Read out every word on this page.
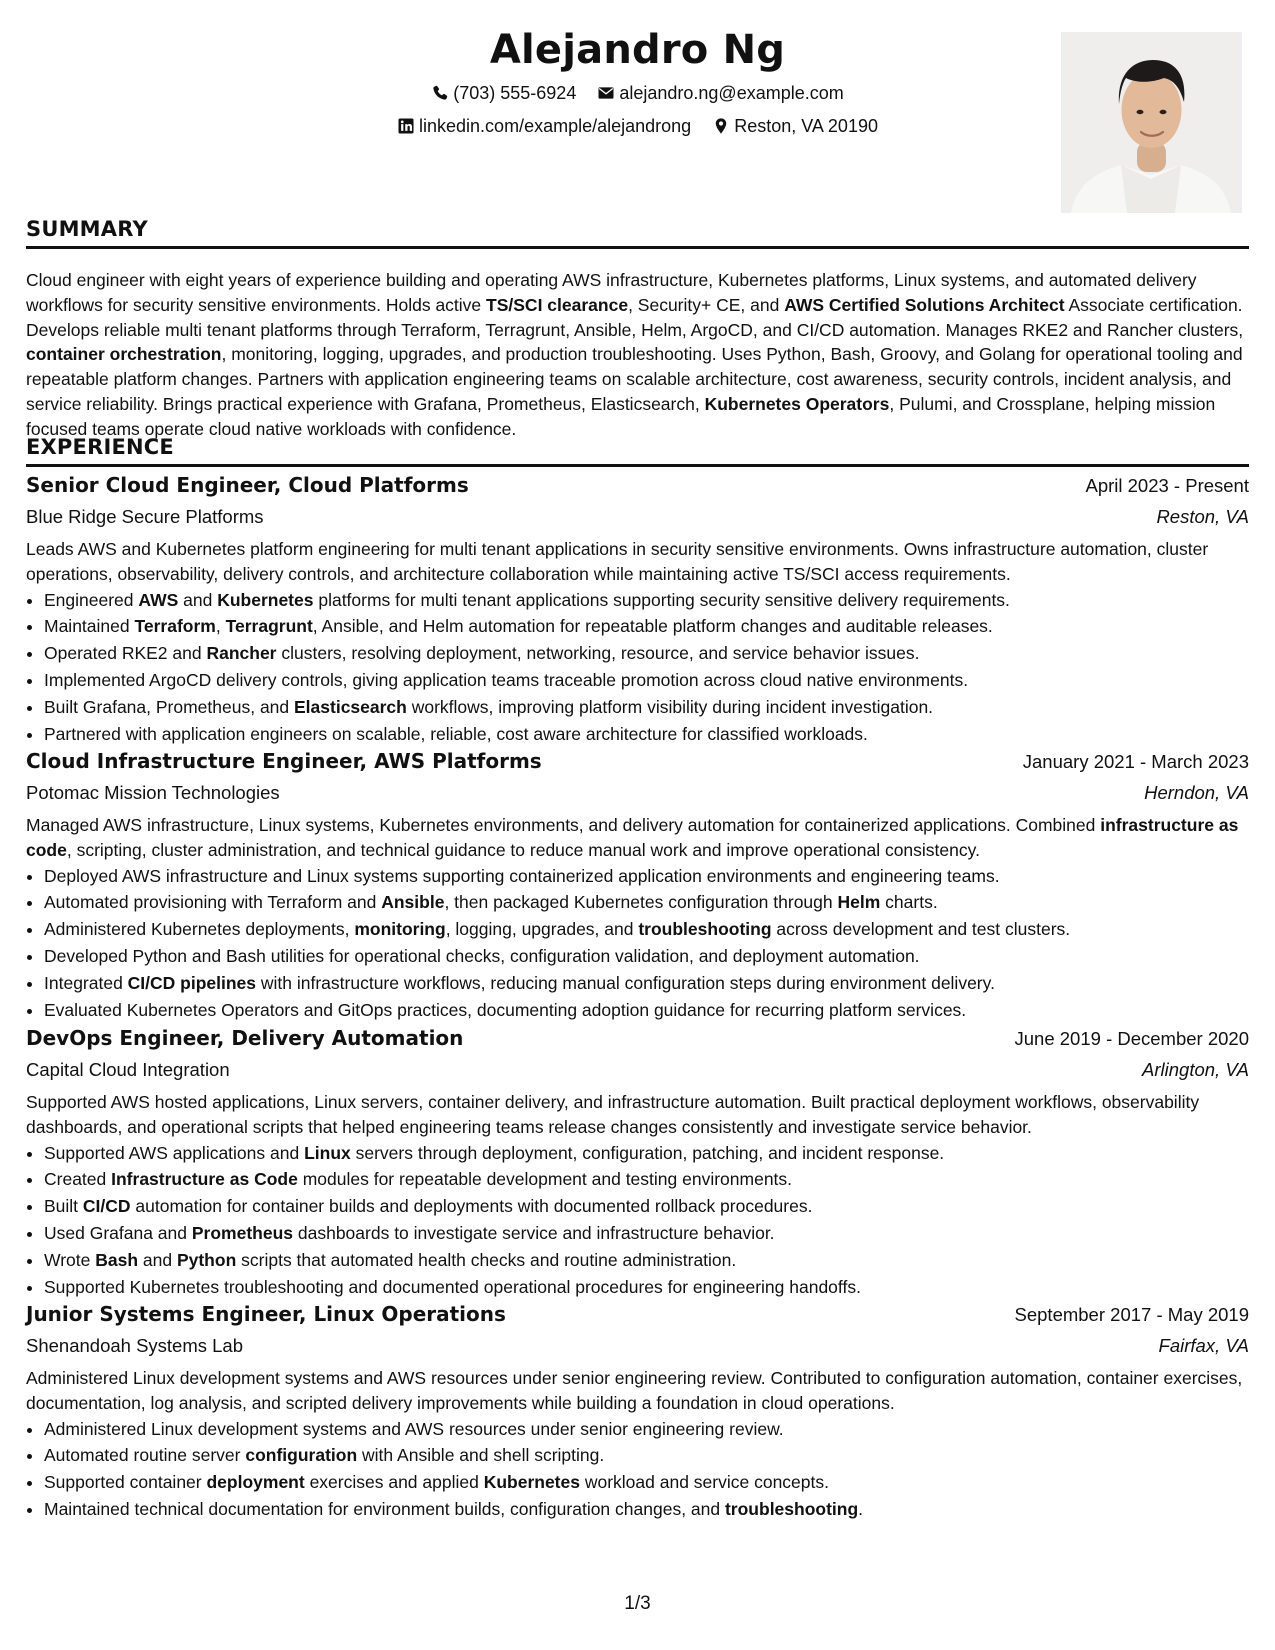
Alejandro Ng
(703) 555-6924
alejandro.ng@example.com
linkedin.com/example/alejandrong
Reston, VA 20190
SUMMARY

Cloud engineer with eight years of experience building and operating AWS infrastructure, Kubernetes platforms, Linux systems, and automated delivery workflows for security sensitive environments. Holds active TS/SCI clearance, Security+ CE, and AWS Certified Solutions Architect Associate certification. Develops reliable multi tenant platforms through Terraform, Terragrunt, Ansible, Helm, ArgoCD, and CI/CD automation. Manages RKE2 and Rancher clusters, container orchestration, monitoring, logging, upgrades, and production troubleshooting. Uses Python, Bash, Groovy, and Golang for operational tooling and repeatable platform changes. Partners with application engineering teams on scalable architecture, cost awareness, security controls, incident analysis, and service reliability. Brings practical experience with Grafana, Prometheus, Elasticsearch, Kubernetes Operators, Pulumi, and Crossplane, helping mission focused teams operate cloud native workloads with confidence.

EXPERIENCE
Senior Cloud Engineer, Cloud Platforms	April 2023 - Present
Blue Ridge Secure Platforms	Reston, VA

Leads AWS and Kubernetes platform engineering for multi tenant applications in security sensitive environments. Owns infrastructure automation, cluster operations, observability, delivery controls, and architecture collaboration while maintaining active TS/SCI access requirements.

• Engineered AWS and Kubernetes platforms for multi tenant applications supporting security sensitive delivery requirements.
• Maintained Terraform, Terragrunt, Ansible, and Helm automation for repeatable platform changes and auditable releases.
• Operated RKE2 and Rancher clusters, resolving deployment, networking, resource, and service behavior issues.
• Implemented ArgoCD delivery controls, giving application teams traceable promotion across cloud native environments.
• Built Grafana, Prometheus, and Elasticsearch workflows, improving platform visibility during incident investigation.
• Partnered with application engineers on scalable, reliable, cost aware architecture for classified workloads.
Cloud Infrastructure Engineer, AWS Platforms	January 2021 - March 2023
Potomac Mission Technologies	Herndon, VA

Managed AWS infrastructure, Linux systems, Kubernetes environments, and delivery automation for containerized applications. Combined infrastructure as code, scripting, cluster administration, and technical guidance to reduce manual work and improve operational consistency.

• Deployed AWS infrastructure and Linux systems supporting containerized application environments and engineering teams.
• Automated provisioning with Terraform and Ansible, then packaged Kubernetes configuration through Helm charts.
• Administered Kubernetes deployments, monitoring, logging, upgrades, and troubleshooting across development and test clusters.
• Developed Python and Bash utilities for operational checks, configuration validation, and deployment automation.
• Integrated CI/CD pipelines with infrastructure workflows, reducing manual configuration steps during environment delivery.
• Evaluated Kubernetes Operators and GitOps practices, documenting adoption guidance for recurring platform services.
DevOps Engineer, Delivery Automation	June 2019 - December 2020
Capital Cloud Integration	Arlington, VA

Supported AWS hosted applications, Linux servers, container delivery, and infrastructure automation. Built practical deployment workflows, observability dashboards, and operational scripts that helped engineering teams release changes consistently and investigate service behavior.

• Supported AWS applications and Linux servers through deployment, configuration, patching, and incident response.
• Created Infrastructure as Code modules for repeatable development and testing environments.
• Built CI/CD automation for container builds and deployments with documented rollback procedures.
• Used Grafana and Prometheus dashboards to investigate service and infrastructure behavior.
• Wrote Bash and Python scripts that automated health checks and routine administration.
• Supported Kubernetes troubleshooting and documented operational procedures for engineering handoffs.
Junior Systems Engineer, Linux Operations	September 2017 - May 2019
Shenandoah Systems Lab	Fairfax, VA

Administered Linux development systems and AWS resources under senior engineering review. Contributed to configuration automation, container exercises, documentation, log analysis, and scripted delivery improvements while building a foundation in cloud operations.

• Administered Linux development systems and AWS resources under senior engineering review.
• Automated routine server configuration with Ansible and shell scripting.
• Supported container deployment exercises and applied Kubernetes workload and service concepts.
• Maintained technical documentation for environment builds, configuration changes, and troubleshooting.
1/3
